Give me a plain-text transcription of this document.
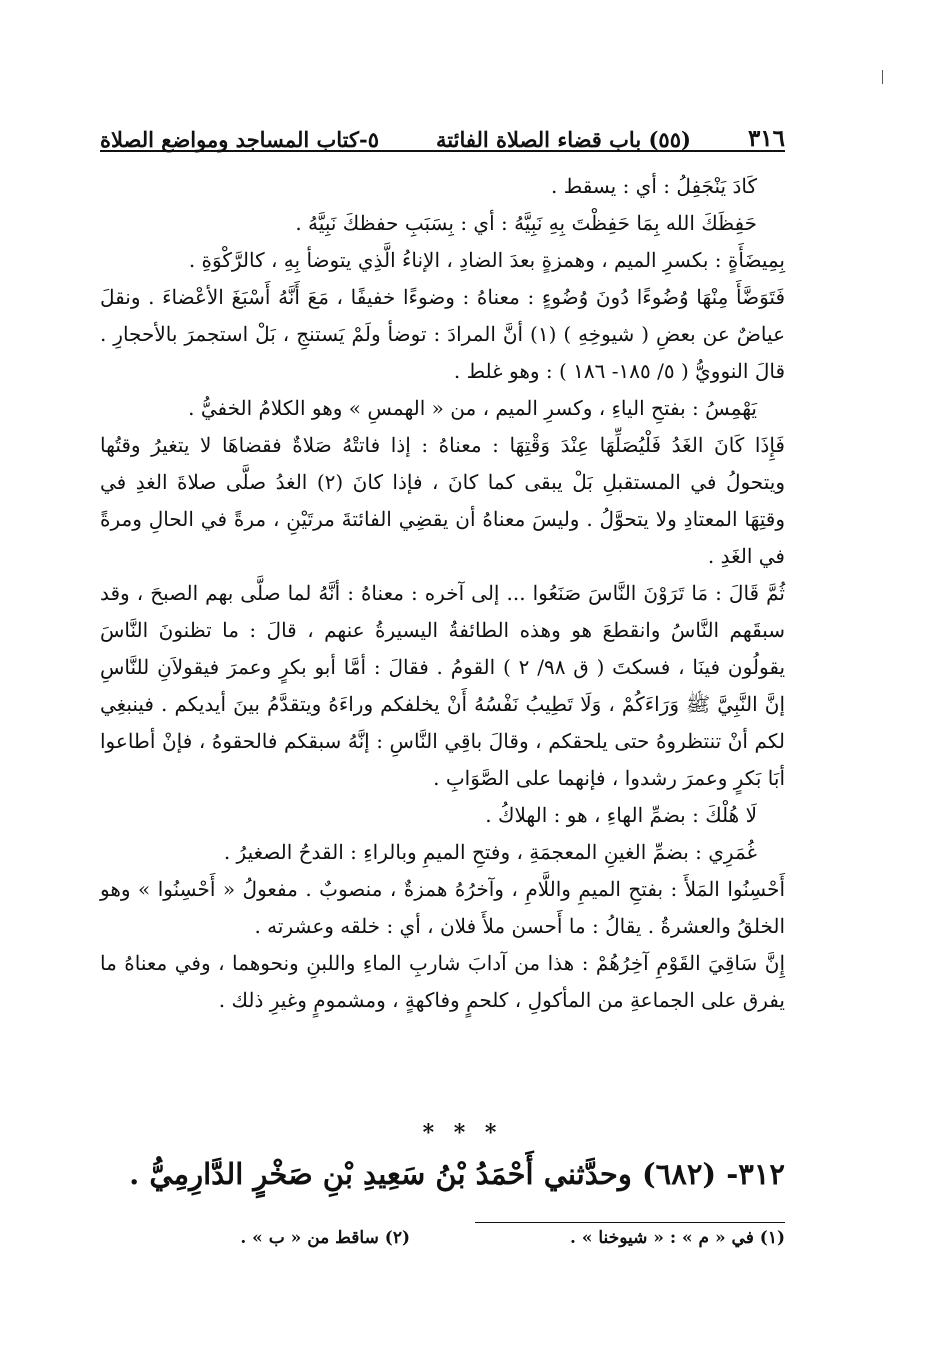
٣١٦
(٥٥) باب قضاء الصلاة الفائتة
٥-كتاب المساجد ومواضع الصلاة

كَادَ يَنْجَفِلُ : أي : يسقط .

حَفِظَكَ الله بِمَا حَفِظْتَ بِهِ نَبِيَّهُ : أي : بِسَبَبِ حفظكَ نَبِيَّهُ .

بِمِيضَأَةٍ : بكسرِ الميم ، وهمزةٍ بعدَ الضادِ ، الإناءُ الَّذِي يتوضأ بِهِ ، كالرَّكْوَةِ .

فَتَوَضَّأَ مِنْهَا وُضُوءًا دُونَ وُضُوءٍ : معناهُ : وضوءًا خفيفًا ، مَعَ أَنَّهُ أَسْبَغَ الأعْضاءَ . ونقلَ عياضٌ عن بعضِ ( شيوخِهِ ) (١) أنَّ المرادَ : توضأ ولَمْ يَستنجِ ، بَلْ استجمرَ بالأحجارِ . قالَ النوويُّ ( ٥/ ١٨٥- ١٨٦ ) : وهو غلط .

يَهْمِسُ : بفتحِ الياءِ ، وكسرِ الميم ، من « الهمسِ » وهو الكلامُ الخفيُّ .

فَإِذَا كَانَ الغَدُ فَلْيُصَلِّهَا عِنْدَ وَقْتِهَا : معناهُ : إذا فاتتْهُ صَلاةٌ فقضاهَا لا يتغيرُ وقتُها ويتحولُ في المستقبلِ بَلْ يبقى كما كانَ ، فإذا كانَ (٢) الغدُ صلَّى صلاةَ الغدِ في وقتِهَا المعتادِ ولا يتحوَّلُ . وليسَ معناهُ أن يقضِي الفائتةَ مرتَيْنِ ، مرةً في الحالِ ومرةً في الغَدِ .

ثُمَّ قَالَ : مَا تَرَوْنَ النَّاسَ صَنَعُوا ... إلى آخره : معناهُ : أنَّهُ لما صلَّى بهم الصبحَ ، وقد سبقَهم النَّاسُ وانقطعَ هو وهذه الطائفةُ اليسيرةُ عنهم ، قالَ : ما تظنونَ النَّاسَ يقولُون فينَا ، فسكتَ ( ق ٩٨/ ٢ ) القومُ . فقالَ : أمَّا أبو بكرٍ وعمرَ فيقولاَنِ للنَّاسِ إنَّ النَّبِيَّ ﷺ وَرَاءَكُمْ ، وَلَا تَطِيبُ نَفْسُهُ أَنْ يخلفكم وراءَهُ ويتقدَّمُ بينَ أيديكم . فينبغِي لكم أنْ تنتظروهُ حتى يلحقكم ، وقالَ باقِي النَّاسِ : إنَّهُ سبقكم فالحقوهُ ، فإنْ أطاعوا أبَا بَكرٍ وعمرَ رشدوا ، فإنهما على الصَّوَابِ .

لَا هُلْكَ : بضمِّ الهاءِ ، هو : الهلاكُ .

غُمَرِي : بضمِّ الغينِ المعجمَةِ ، وفتحِ الميمِ وبالراءِ : القدحُ الصغيرُ .

أَحْسِنُوا المَلأَ : بفتحِ الميمِ واللَّامِ ، وآخرُهُ همزةٌ ، منصوبٌ . مفعولُ « أَحْسِنُوا » وهو الخلقُ والعشرةُ . يقالُ : ما أَحسن ملأَ فلان ، أي : خلقه وعشرته .

إِنَّ سَاقِيَ القَوْمِ آخِرُهُمْ : هذا من آدابَ شاربِ الماءِ واللبنِ ونحوهما ، وفي معناهُ ما يفرق على الجماعةِ من المأكولِ ، كلحمٍ وفاكهةٍ ، ومشمومٍ وغيرِ ذلك .

* * *
٣١٢- (٦٨٢) وحدَّثني أَحْمَدُ بْنُ سَعِيدِ بْنِ صَخْرٍ الدَّارِمِيُّ .
(١) في « م » : « شيوخنا » .
(٢) ساقط من « ب » .
